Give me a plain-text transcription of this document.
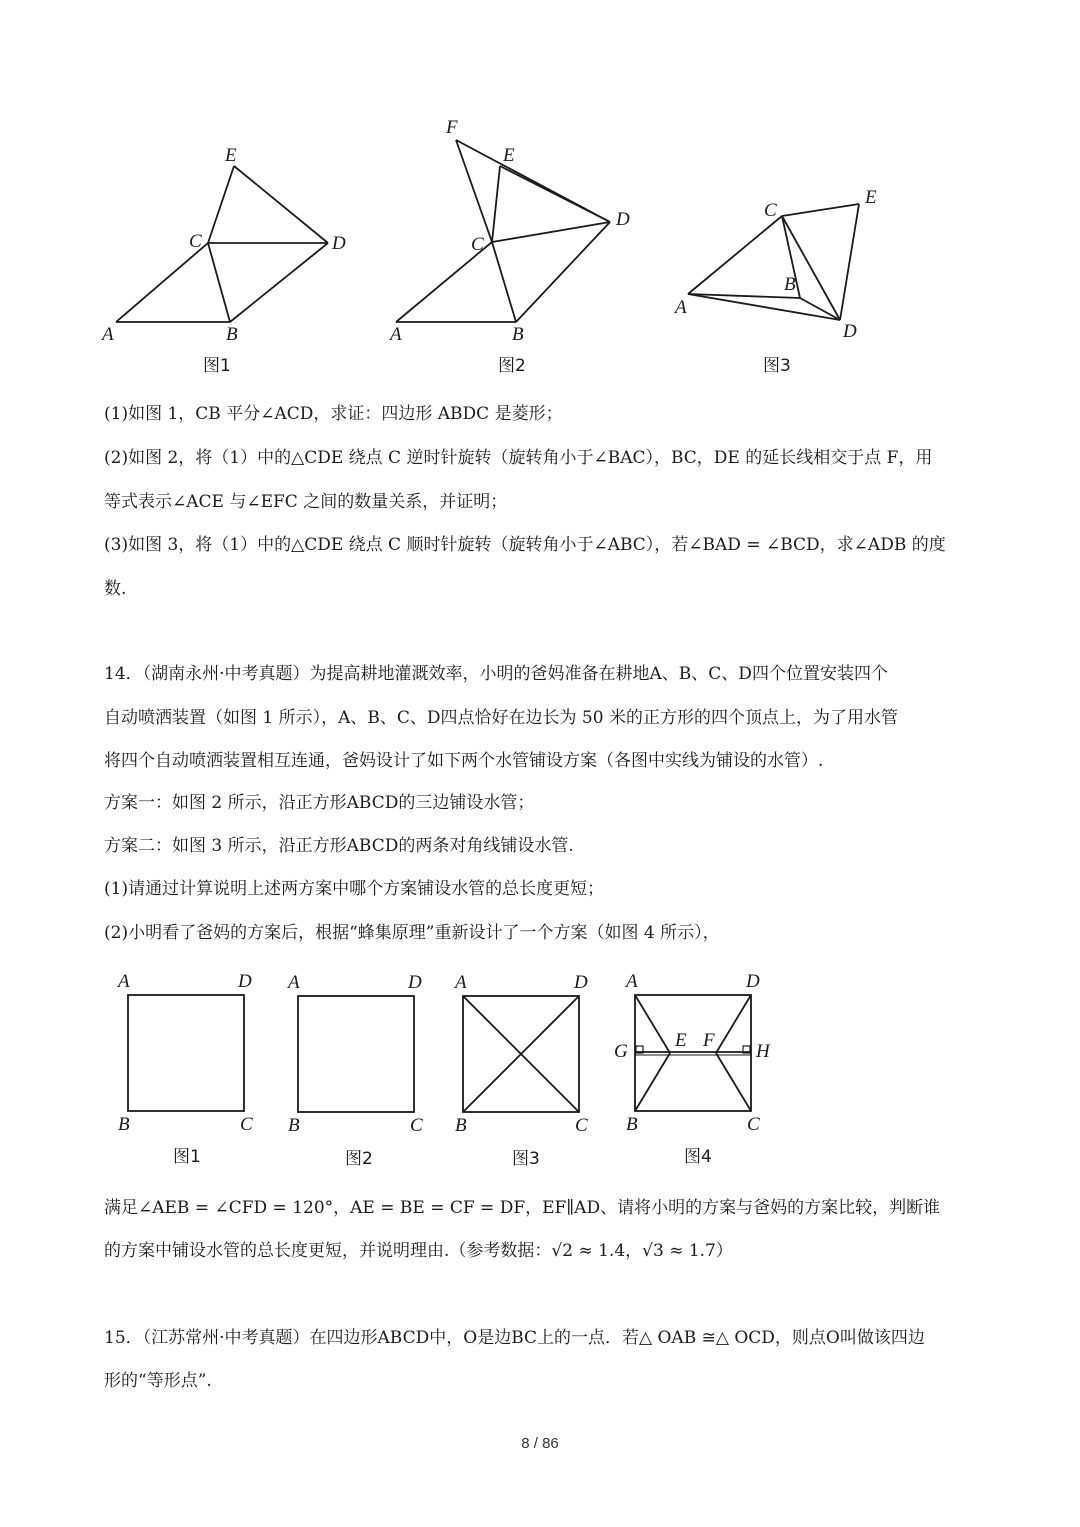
A	B
C	D
E
图1
A	B
C
D
E
F
图2
A
B
C
D
E
图3
A	D
B	C
图1
A	D
B	C
图2
A	D
B	C
图3
A	D
B	C
E F
G	H
图4
(1)如图 1，CB 平分∠ACD，求证：四边形 ABDC 是菱形；
(2)如图 2，将（1）中的△CDE 绕点 C 逆时针旋转（旋转角小于∠BAC），BC，DE 的延长线相交于点 F，用
等式表示∠ACE 与∠EFC 之间的数量关系，并证明；
(3)如图 3，将（1）中的△CDE 绕点 C 顺时针旋转（旋转角小于∠ABC），若∠BAD = ∠BCD，求∠ADB 的度
数.
14．（湖南永州·中考真题）为提高耕地灌溉效率，小明的爸妈准备在耕地A、B、C、D四个位置安装四个
自动喷洒装置（如图 1 所示），A、B、C、D四点恰好在边长为 50 米的正方形的四个顶点上，为了用水管
将四个自动喷洒装置相互连通，爸妈设计了如下两个水管铺设方案（各图中实线为铺设的水管）.
方案一：如图 2 所示，沿正方形ABCD的三边铺设水管；
方案二：如图 3 所示，沿正方形ABCD的两条对角线铺设水管.
(1)请通过计算说明上述两方案中哪个方案铺设水管的总长度更短；
(2)小明看了爸妈的方案后，根据“蜂集原理”重新设计了一个方案（如图 4 所示），
满足∠AEB = ∠CFD = 120°，AE = BE = CF = DF，EF∥AD、请将小明的方案与爸妈的方案比较，判断谁
的方案中铺设水管的总长度更短，并说明理由.（参考数据：√2 ≈ 1.4，√3 ≈ 1.7）
15．（江苏常州·中考真题）在四边形ABCD中，O是边BC上的一点．若△ OAB ≅△ OCD，则点O叫做该四边
形的“等形点”.
8 / 86
